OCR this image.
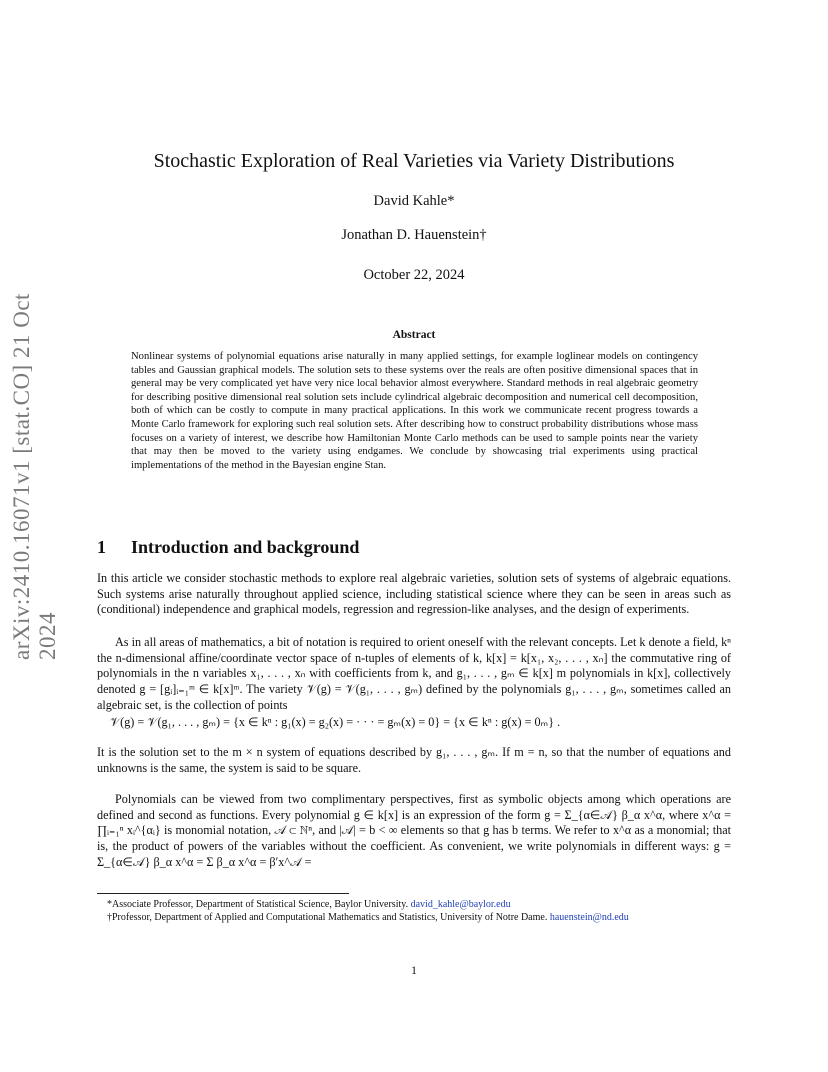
arXiv:2410.16071v1 [stat.CO] 21 Oct 2024
Stochastic Exploration of Real Varieties via Variety Distributions
David Kahle*
Jonathan D. Hauenstein†
October 22, 2024
Abstract
Nonlinear systems of polynomial equations arise naturally in many applied settings, for example loglinear models on contingency tables and Gaussian graphical models. The solution sets to these systems over the reals are often positive dimensional spaces that in general may be very complicated yet have very nice local behavior almost everywhere. Standard methods in real algebraic geometry for describing positive dimensional real solution sets include cylindrical algebraic decomposition and numerical cell decomposition, both of which can be costly to compute in many practical applications. In this work we communicate recent progress towards a Monte Carlo framework for exploring such real solution sets. After describing how to construct probability distributions whose mass focuses on a variety of interest, we describe how Hamiltonian Monte Carlo methods can be used to sample points near the variety that may then be moved to the variety using endgames. We conclude by showcasing trial experiments using practical implementations of the method in the Bayesian engine Stan.
1 Introduction and background

In this article we consider stochastic methods to explore real algebraic varieties, solution sets of systems of algebraic equations. Such systems arise naturally throughout applied science, including statistical science where they can be seen in areas such as (conditional) independence and graphical models, regression and regression-like analyses, and the design of experiments.

As in all areas of mathematics, a bit of notation is required to orient oneself with the relevant concepts. Let k denote a field, kⁿ the n-dimensional affine/coordinate vector space of n-tuples of elements of k, k[x] = k[x₁, x₂, . . . , xₙ] the commutative ring of polynomials in the n variables x₁, . . . , xₙ with coefficients from k, and g₁, . . . , gₘ ∈ k[x] m polynomials in k[x], collectively denoted g = [gᵢ]ᵢ₌₁ᵐ ∈ k[x]ᵐ. The variety 𝒱(g) = 𝒱(g₁, . . . , gₘ) defined by the polynomials g₁, . . . , gₘ, sometimes called an algebraic set, is the collection of points

𝒱(g) = 𝒱(g₁, . . . , gₘ) = {x ∈ kⁿ : g₁(x) = g₂(x) = · · · = gₘ(x) = 0} = {x ∈ kⁿ : g(x) = 0ₘ} .

It is the solution set to the m × n system of equations described by g₁, . . . , gₘ. If m = n, so that the number of equations and unknowns is the same, the system is said to be square.

Polynomials can be viewed from two complimentary perspectives, first as symbolic objects among which operations are defined and second as functions. Every polynomial g ∈ k[x] is an expression of the form g = Σ_{α∈𝒜} β_α x^α, where x^α = ∏ᵢ₌₁ⁿ xᵢ^{αᵢ} is monomial notation, 𝒜 ⊂ ℕⁿ, and |𝒜| = b < ∞ elements so that g has b terms. We refer to x^α as a monomial; that is, the product of powers of the variables without the coefficient. As convenient, we write polynomials in different ways: g = Σ_{α∈𝒜} β_α x^α = Σ β_α x^α = β′x^𝒜 =

*Associate Professor, Department of Statistical Science, Baylor University. david_kahle@baylor.edu

†Professor, Department of Applied and Computational Mathematics and Statistics, University of Notre Dame. hauenstein@nd.edu

1
